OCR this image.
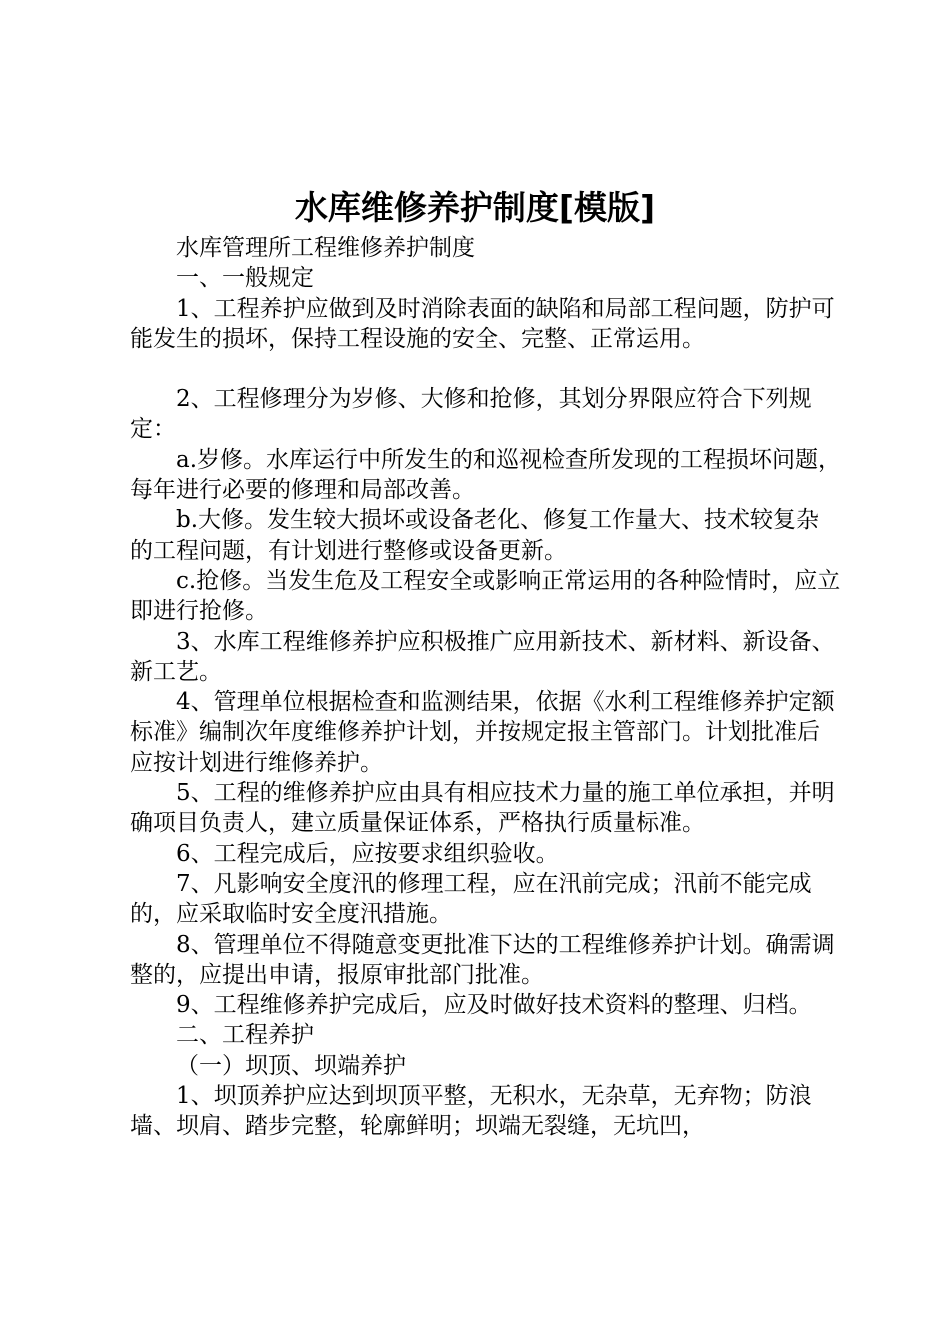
水库维修养护制度[模版]

水库管理所工程维修养护制度

一、一般规定

1、工程养护应做到及时消除表面的缺陷和局部工程问题，防护可能发生的损坏，保持工程设施的安全、完整、正常运用。

2、工程修理分为岁修、大修和抢修，其划分界限应符合下列规定：

a.岁修。水库运行中所发生的和巡视检查所发现的工程损坏问题，每年进行必要的修理和局部改善。

b.大修。发生较大损坏或设备老化、修复工作量大、技术较复杂的工程问题，有计划进行整修或设备更新。

c.抢修。当发生危及工程安全或影响正常运用的各种险情时，应立即进行抢修。

3、水库工程维修养护应积极推广应用新技术、新材料、新设备、新工艺。

4、管理单位根据检查和监测结果，依据《水利工程维修养护定额标准》编制次年度维修养护计划，并按规定报主管部门。计划批准后应按计划进行维修养护。

5、工程的维修养护应由具有相应技术力量的施工单位承担，并明确项目负责人，建立质量保证体系，严格执行质量标准。

6、工程完成后，应按要求组织验收。

7、凡影响安全度汛的修理工程，应在汛前完成；汛前不能完成的，应采取临时安全度汛措施。

8、管理单位不得随意变更批准下达的工程维修养护计划。确需调整的，应提出申请，报原审批部门批准。

9、工程维修养护完成后，应及时做好技术资料的整理、归档。

二、工程养护

（一）坝顶、坝端养护

1、坝顶养护应达到坝顶平整，无积水，无杂草，无弃物；防浪墙、坝肩、踏步完整，轮廓鲜明；坝端无裂缝，无坑凹，
